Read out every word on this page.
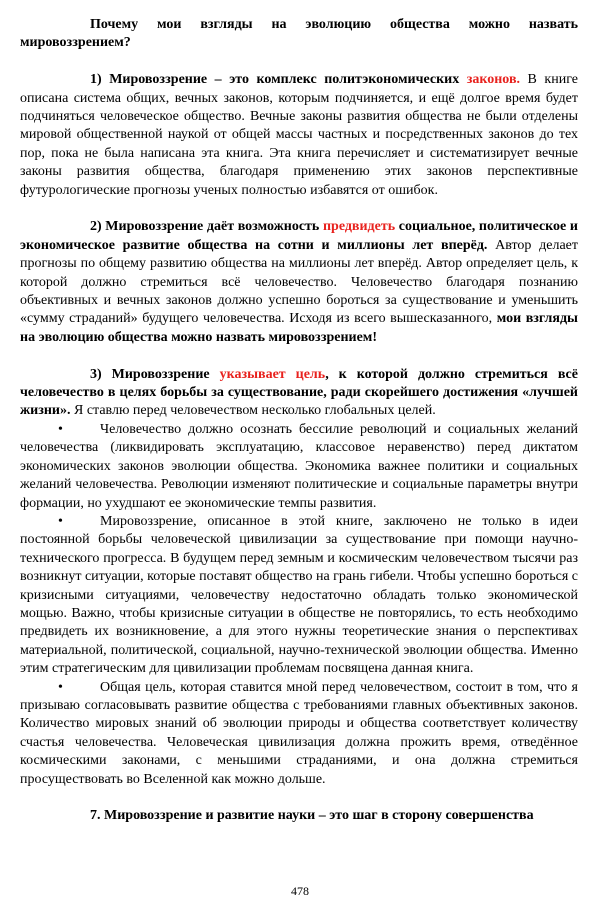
Почему мои взгляды на эволюцию общества можно назвать мировоззрением?

1) Мировоззрение – это комплекс политэкономических законов. В книге описана система общих, вечных законов, которым подчиняется, и ещё долгое время будет подчиняться человеческое общество. Вечные законы развития общества не были отделены мировой общественной наукой от общей массы частных и посредственных законов до тех пор, пока не была написана эта книга. Эта книга перечисляет и систематизирует вечные законы развития общества, благодаря применению этих законов перспективные футурологические прогнозы ученых полностью избавятся от ошибок.

2) Мировоззрение даёт возможность предвидеть социальное, политическое и экономическое развитие общества на сотни и миллионы лет вперёд. Автор делает прогнозы по общему развитию общества на миллионы лет вперёд. Автор определяет цель, к которой должно стремиться всё человечество. Человечество благодаря познанию объективных и вечных законов должно успешно бороться за существование и уменьшить «сумму страданий» будущего человечества. Исходя из всего вышесказанного, мои взгляды на эволюцию общества можно назвать мировоззрением!

3) Мировоззрение указывает цель, к которой должно стремиться всё человечество в целях борьбы за существование, ради скорейшего достижения «лучшей жизни». Я ставлю перед человечеством несколько глобальных целей.

•	Человечество должно осознать бессилие революций и социальных желаний человечества (ликвидировать эксплуатацию, классовое неравенство) перед диктатом экономических законов эволюции общества. Экономика важнее политики и социальных желаний человечества. Революции изменяют политические и социальные параметры внутри формации, но ухудшают ее экономические темпы развития.

•	Мировоззрение, описанное в этой книге, заключено не только в идеи постоянной борьбы человеческой цивилизации за существование при помощи научно-технического прогресса. В будущем перед земным и космическим человечеством тысячи раз возникнут ситуации, которые поставят общество на грань гибели. Чтобы успешно бороться с кризисными ситуациями, человечеству недостаточно обладать только экономической мощью. Важно, чтобы кризисные ситуации в обществе не повторялись, то есть необходимо предвидеть их возникновение, а для этого нужны теоретические знания о перспективах материальной, политической, социальной, научно-технической эволюции общества. Именно этим стратегическим для цивилизации проблемам посвящена данная книга.

•	Общая цель, которая ставится мной перед человечеством, состоит в том, что я призываю согласовывать развитие общества с требованиями главных объективных законов. Количество мировых знаний об эволюции природы и общества соответствует количеству счастья человечества. Человеческая цивилизация должна прожить время, отведённое космическими законами, с меньшими страданиями, и она должна стремиться просуществовать во Вселенной как можно дольше.

7. Мировоззрение и развитие науки – это шаг в сторону совершенства

478
